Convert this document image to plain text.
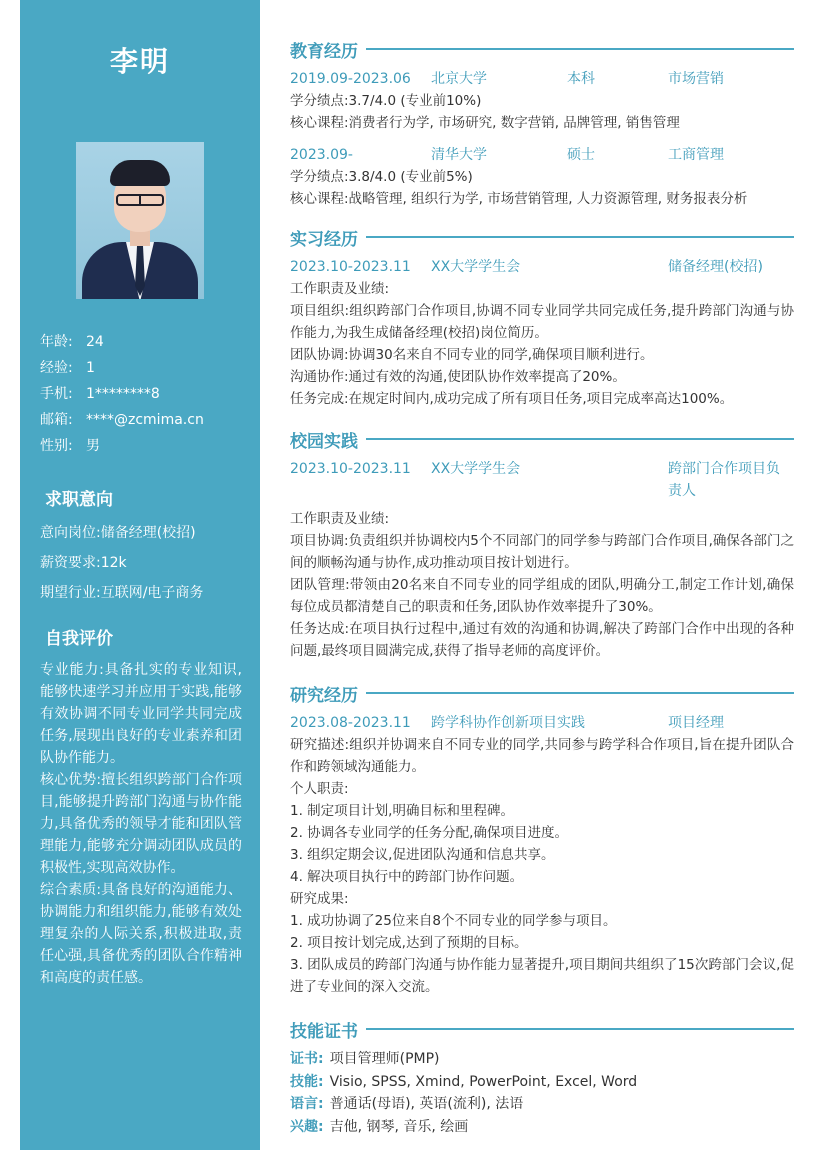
李明
年龄: 24
经验: 1
手机: 1********8
邮箱: ****@zcmima.cn
性别: 男
求职意向
意向岗位:储备经理(校招)
薪资要求:12k
期望行业:互联网/电子商务
自我评价

专业能力:具备扎实的专业知识,能够快速学习并应用于实践,能够有效协调不同专业同学共同完成任务,展现出良好的专业素养和团队协作能力。

核心优势:擅长组织跨部门合作项目,能够提升跨部门沟通与协作能力,具备优秀的领导才能和团队管理能力,能够充分调动团队成员的积极性,实现高效协作。

综合素质:具备良好的沟通能力、协调能力和组织能力,能够有效处理复杂的人际关系,积极进取,责任心强,具备优秀的团队合作精神和高度的责任感。

教育经历
2019.09-2023.06	北京大学	本科	市场营销
学分绩点:3.7/4.0 (专业前10%)
核心课程:消费者行为学, 市场研究, 数字营销, 品牌管理, 销售管理
2023.09-	清华大学	硕士	工商管理
学分绩点:3.8/4.0 (专业前5%)
核心课程:战略管理, 组织行为学, 市场营销管理, 人力资源管理, 财务报表分析
实习经历
2023.10-2023.11	XX大学学生会	储备经理(校招)
工作职责及业绩:
项目组织:组织跨部门合作项目,协调不同专业同学共同完成任务,提升跨部门沟通与协作能力,为我生成储备经理(校招)岗位简历。
团队协调:协调30名来自不同专业的同学,确保项目顺利进行。
沟通协作:通过有效的沟通,使团队协作效率提高了20%。
任务完成:在规定时间内,成功完成了所有项目任务,项目完成率高达100%。
校园实践
2023.10-2023.11	XX大学学生会	跨部门合作项目负责人
工作职责及业绩:
项目协调:负责组织并协调校内5个不同部门的同学参与跨部门合作项目,确保各部门之间的顺畅沟通与协作,成功推动项目按计划进行。
团队管理:带领由20名来自不同专业的同学组成的团队,明确分工,制定工作计划,确保每位成员都清楚自己的职责和任务,团队协作效率提升了30%。
任务达成:在项目执行过程中,通过有效的沟通和协调,解决了跨部门合作中出现的各种问题,最终项目圆满完成,获得了指导老师的高度评价。
研究经历
2023.08-2023.11	跨学科协作创新项目实践	项目经理
研究描述:组织并协调来自不同专业的同学,共同参与跨学科合作项目,旨在提升团队合作和跨领域沟通能力。
个人职责:
1. 制定项目计划,明确目标和里程碑。
2. 协调各专业同学的任务分配,确保项目进度。
3. 组织定期会议,促进团队沟通和信息共享。
4. 解决项目执行中的跨部门协作问题。
研究成果:
1. 成功协调了25位来自8个不同专业的同学参与项目。
2. 项目按计划完成,达到了预期的目标。
3. 团队成员的跨部门沟通与协作能力显著提升,项目期间共组织了15次跨部门会议,促进了专业间的深入交流。
技能证书
证书: 项目管理师(PMP)
技能: Visio, SPSS, Xmind, PowerPoint, Excel, Word
语言: 普通话(母语), 英语(流利), 法语
兴趣: 吉他, 钢琴, 音乐, 绘画
